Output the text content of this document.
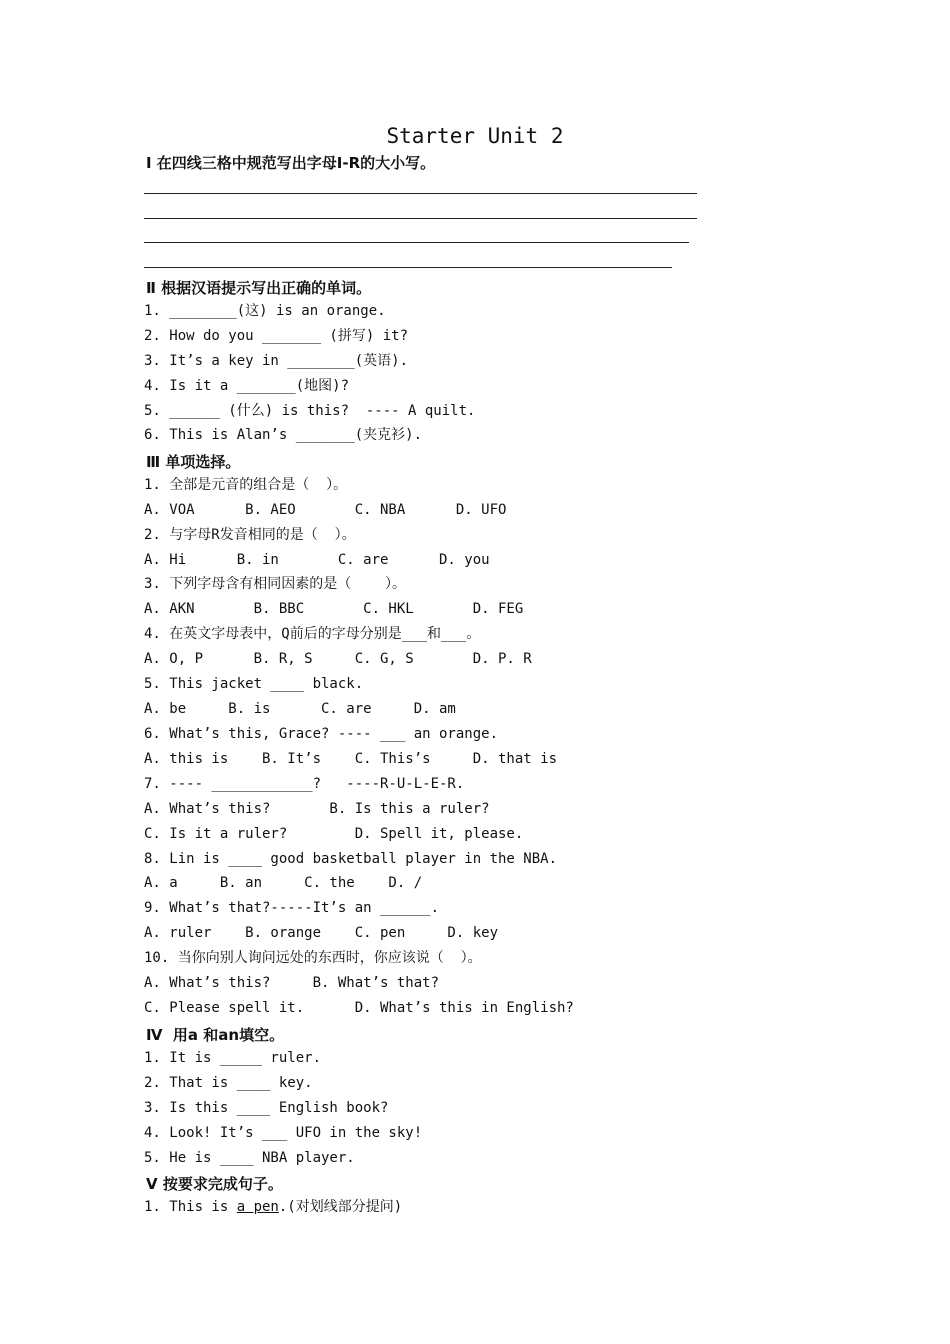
Starter Unit 2
Ⅰ 在四线三格中规范写出字母I-R的大小写。
Ⅱ 根据汉语提示写出正确的单词。
1. ________(这) is an orange.
2. How do you _______ (拼写) it?
3. It’s a key in ________(英语).
4. Is it a _______(地图)?
5. ______ (什么) is this?  ---- A quilt.
6. This is Alan’s _______(夹克衫).
Ⅲ 单项选择。
1. 全部是元音的组合是（  ）。
A. VOA      B. AEO       C. NBA      D. UFO
2. 与字母R发音相同的是（  ）。
A. Hi      B. in       C. are      D. you
3. 下列字母含有相同因素的是（    ）。
A. AKN       B. BBC       C. HKL       D. FEG
4. 在英文字母表中，Q前后的字母分别是___和___。
A. O, P      B. R, S     C. G, S       D. P. R
5. This jacket ____ black.
A. be     B. is      C. are     D. am
6. What’s this, Grace? ---- ___ an orange.
A. this is    B. It’s    C. This’s     D. that is
7. ---- ____________?   ----R-U-L-E-R.
A. What’s this?       B. Is this a ruler?
C. Is it a ruler?        D. Spell it, please.
8. Lin is ____ good basketball player in the NBA.
A. a     B. an     C. the    D. /
9. What’s that?-----It’s an ______.
A. ruler    B. orange    C. pen     D. key
10. 当你向别人询问远处的东西时，你应该说（  ）。
A. What’s this?     B. What’s that?
C. Please spell it.      D. What’s this in English?
Ⅳ  用a 和an填空。
1. It is _____ ruler.
2. That is ____ key.
3. Is this ____ English book?
4. Look! It’s ___ UFO in the sky!
5. He is ____ NBA player.
Ⅴ 按要求完成句子。
1. This is a pen.(对划线部分提问)
